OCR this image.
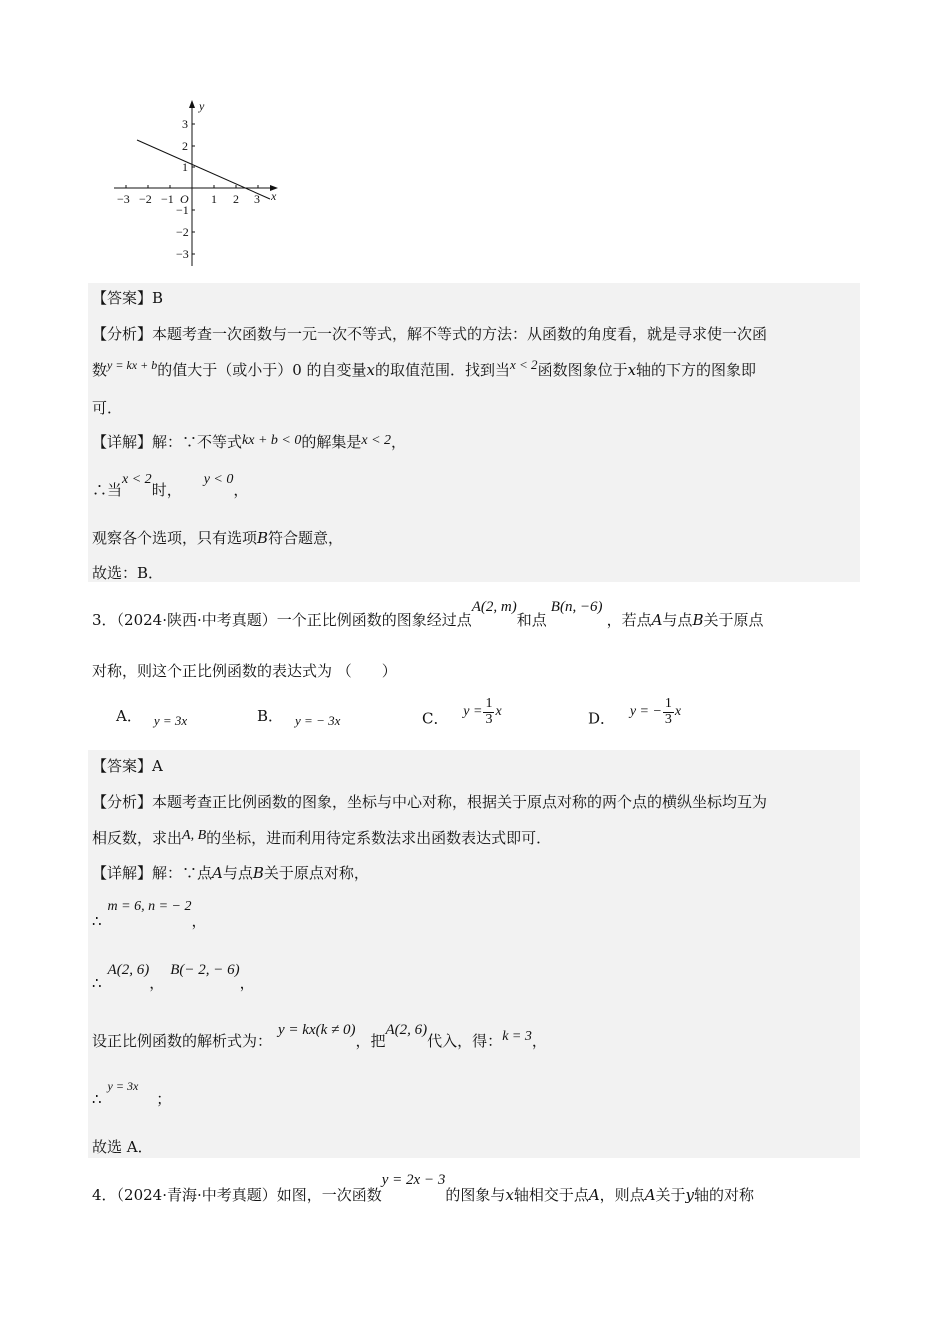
y
x
O
−3 −2 −1	1 2 3
3
2
1
−1
−2
−3
【答案】B
【分析】本题考查一次函数与一元一次不等式，解不等式的方法：从函数的角度看，就是寻求使一次函
数$^{y = kx + b}$的值大于（或小于）0 的自变量x的取值范围．找到当x < 2函数图象位于x轴的下方的图象即
可．
【详解】解：∵不等式kx + b < 0的解集是x < 2，
∴当x < 2时，y < 0，
观察各个选项，只有选项B符合题意，
故选：B．
3．（2024·陕西·中考真题）一个正比例函数的图象经过点A(2, m)和点B(n, −6)，若点A与点B关于原点
对称，则这个正比例函数的表达式为 （　　）
A． y = 3x	B． y = − 3x	C． $y = \frac{1}{3}$ x	D． y = − $\frac{1}{3}$ x
【答案】A
【分析】本题考查正比例函数的图象，坐标与中心对称，根据关于原点对称的两个点的横纵坐标均互为
相反数，求出A, B的坐标，进而利用待定系数法求出函数表达式即可．
【详解】解：∵点A与点B关于原点对称，
∴m = 6, n = − 2，
∴A(2, 6)，B(− 2, − 6)，
设正比例函数的解析式为：y = kx(k ≠ 0)，把A(2, 6)代入，得：k = 3，
∴$^{y = 3x}$；
故选 A．
4．（2024·青海·中考真题）如图，一次函数y = 2x − 3的图象与x轴相交于点A，则点A关于y轴的对称
